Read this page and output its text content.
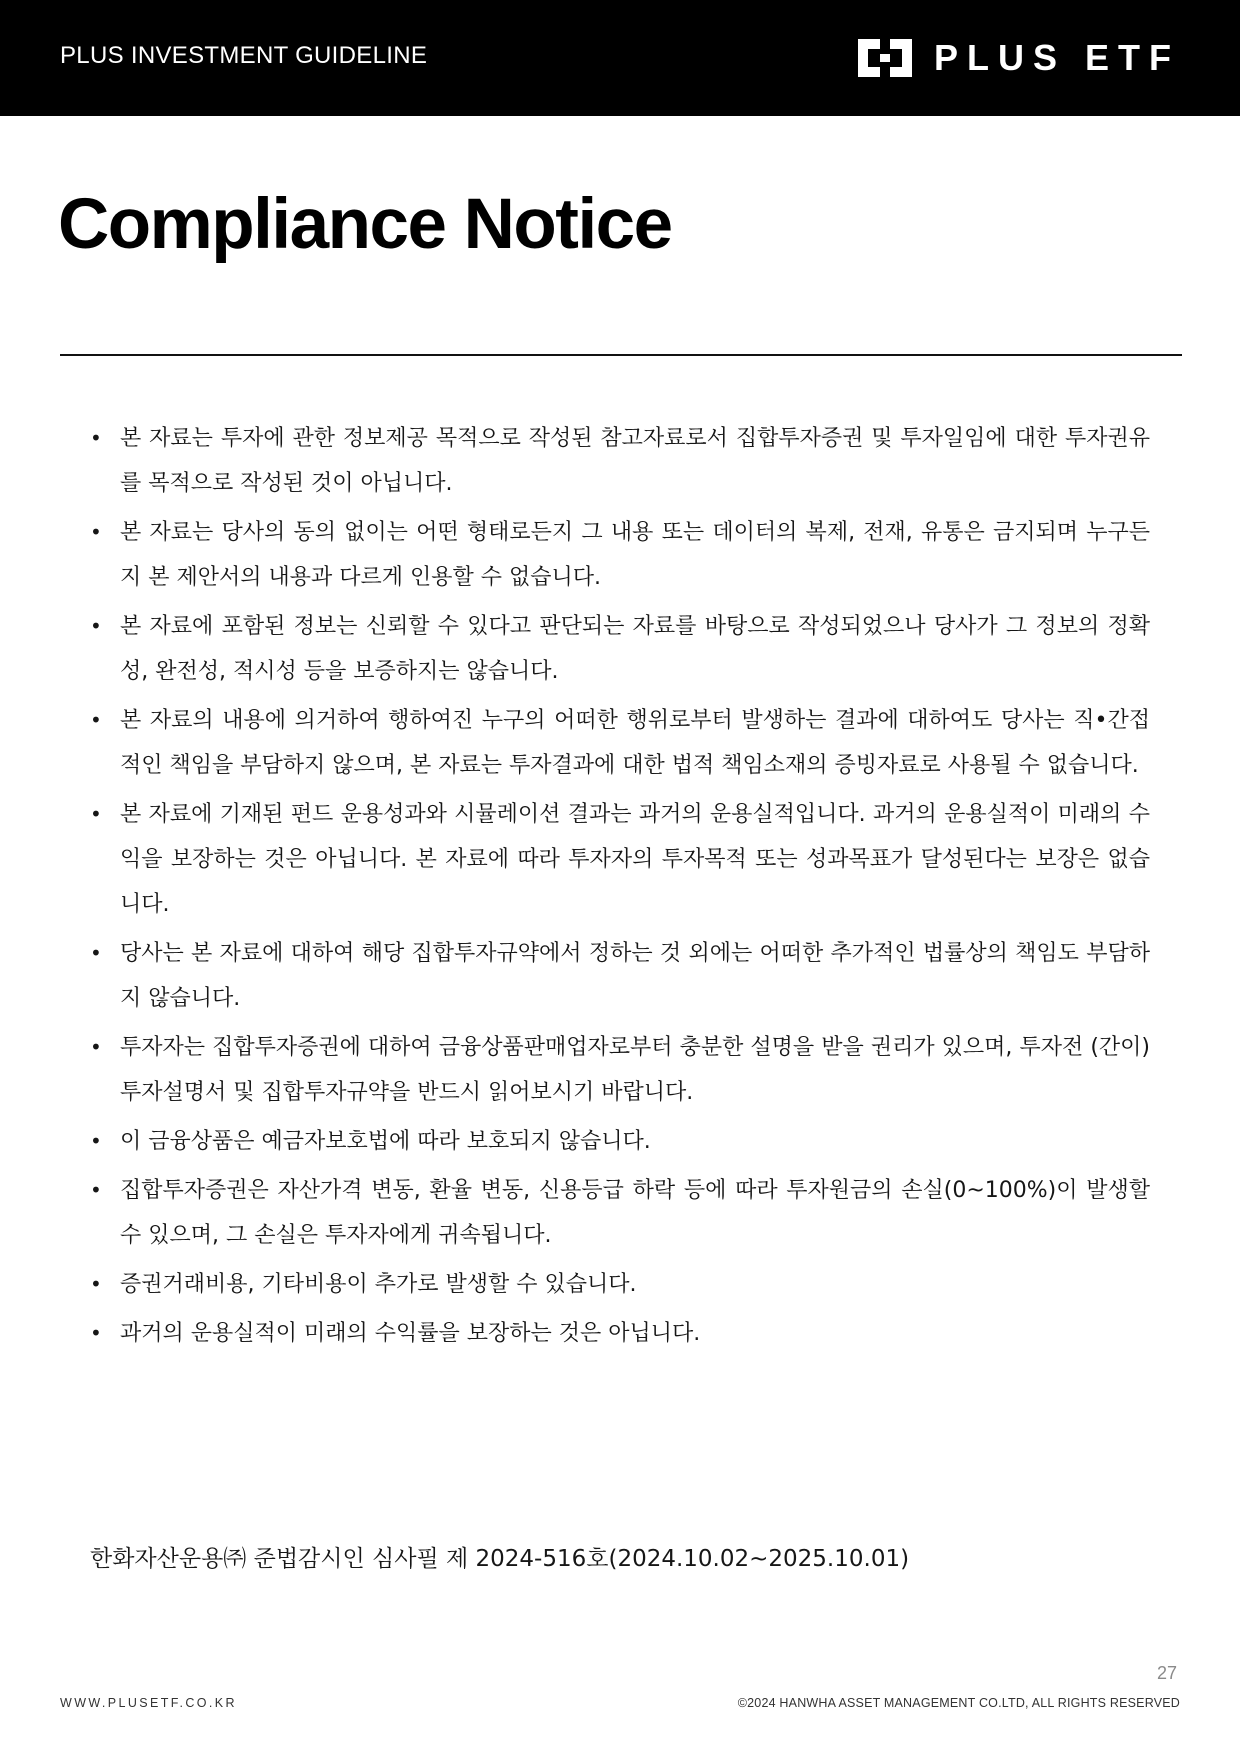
PLUS INVESTMENT GUIDELINE	PLUS ETF
Compliance Notice
• 본 자료는 투자에 관한 정보제공 목적으로 작성된 참고자료로서 집합투자증권 및 투자일임에 대한 투자권유를 목적으로 작성된 것이 아닙니다.
• 본 자료는 당사의 동의 없이는 어떤 형태로든지 그 내용 또는 데이터의 복제, 전재, 유통은 금지되며 누구든지 본 제안서의 내용과 다르게 인용할 수 없습니다.
• 본 자료에 포함된 정보는 신뢰할 수 있다고 판단되는 자료를 바탕으로 작성되었으나 당사가 그 정보의 정확성, 완전성, 적시성 등을 보증하지는 않습니다.
• 본 자료의 내용에 의거하여 행하여진 누구의 어떠한 행위로부터 발생하는 결과에 대하여도 당사는 직•간접적인 책임을 부담하지 않으며, 본 자료는 투자결과에 대한 법적 책임소재의 증빙자료로 사용될 수 없습니다.
• 본 자료에 기재된 펀드 운용성과와 시뮬레이션 결과는 과거의 운용실적입니다. 과거의 운용실적이 미래의 수익을 보장하는 것은 아닙니다. 본 자료에 따라 투자자의 투자목적 또는 성과목표가 달성된다는 보장은 없습니다.
• 당사는 본 자료에 대하여 해당 집합투자규약에서 정하는 것 외에는 어떠한 추가적인 법률상의 책임도 부담하지 않습니다.
• 투자자는 집합투자증권에 대하여 금융상품판매업자로부터 충분한 설명을 받을 권리가 있으며, 투자전 (간이)투자설명서 및 집합투자규약을 반드시 읽어보시기 바랍니다.
• 이 금융상품은 예금자보호법에 따라 보호되지 않습니다.
• 집합투자증권은 자산가격 변동, 환율 변동, 신용등급 하락 등에 따라 투자원금의 손실(0~100%)이 발생할 수 있으며, 그 손실은 투자자에게 귀속됩니다.
• 증권거래비용, 기타비용이 추가로 발생할 수 있습니다.
• 과거의 운용실적이 미래의 수익률을 보장하는 것은 아닙니다.
한화자산운용㈜ 준법감시인 심사필 제 2024-516호(2024.10.02~2025.10.01)
27
WWW.PLUSETF.CO.KR	©2024 HANWHA ASSET MANAGEMENT CO.LTD, ALL RIGHTS RESERVED
